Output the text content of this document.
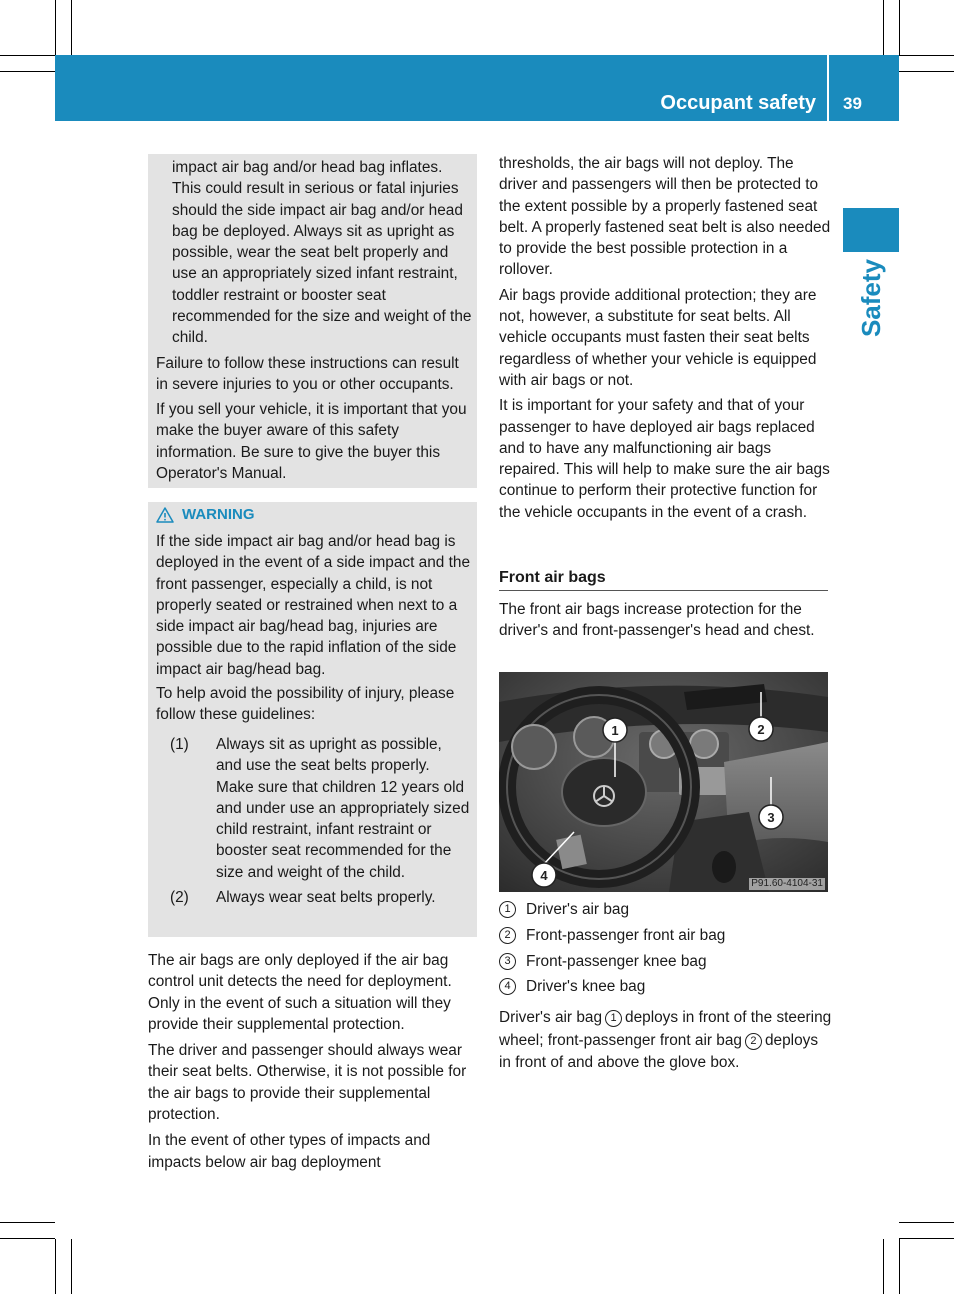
Occupant safety 39
Safety

impact air bag and/or head bag inflates. This could result in serious or fatal injuries should the side impact air bag and/or head bag be deployed. Always sit as upright as possible, wear the seat belt properly and use an appropriately sized infant restraint, toddler restraint or booster seat recommended for the size and weight of the child.

Failure to follow these instructions can result in severe injuries to you or other occupants.

If you sell your vehicle, it is important that you make the buyer aware of this safety information. Be sure to give the buyer this Operator's Manual.

WARNING

If the side impact air bag and/or head bag is deployed in the event of a side impact and the front passenger, especially a child, is not properly seated or restrained when next to a side impact air bag/head bag, injuries are possible due to the rapid inflation of the side impact air bag/head bag.

To help avoid the possibility of injury, please follow these guidelines:

(1)	Always sit as upright as possible, and use the seat belts properly. Make sure that children 12 years old and under use an appropriately sized child restraint, infant restraint or booster seat recommended for the size and weight of the child.

(2)	Always wear seat belts properly.

The air bags are only deployed if the air bag control unit detects the need for deployment. Only in the event of such a situation will they provide their supplemental protection.

The driver and passenger should always wear their seat belts. Otherwise, it is not possible for the air bags to provide their supplemental protection.

In the event of other types of impacts and impacts below air bag deployment

thresholds, the air bags will not deploy. The driver and passengers will then be protected to the extent possible by a properly fastened seat belt. A properly fastened seat belt is also needed to provide the best possible protection in a rollover.

Air bags provide additional protection; they are not, however, a substitute for seat belts. All vehicle occupants must fasten their seat belts regardless of whether your vehicle is equipped with air bags or not.

It is important for your safety and that of your passenger to have deployed air bags replaced and to have any malfunctioning air bags repaired. This will help to make sure the air bags continue to perform their protective function for the vehicle occupants in the event of a crash.

Front air bags

The front air bags increase protection for the driver's and front-passenger's head and chest.

1	2
3
4
P91.60-4104-31
1	Driver's air bag
2	Front-passenger front air bag
3	Front-passenger knee bag
4	Driver's knee bag

Driver's air bag 1 deploys in front of the steering wheel; front-passenger front air bag 2 deploys in front of and above the glove box.
